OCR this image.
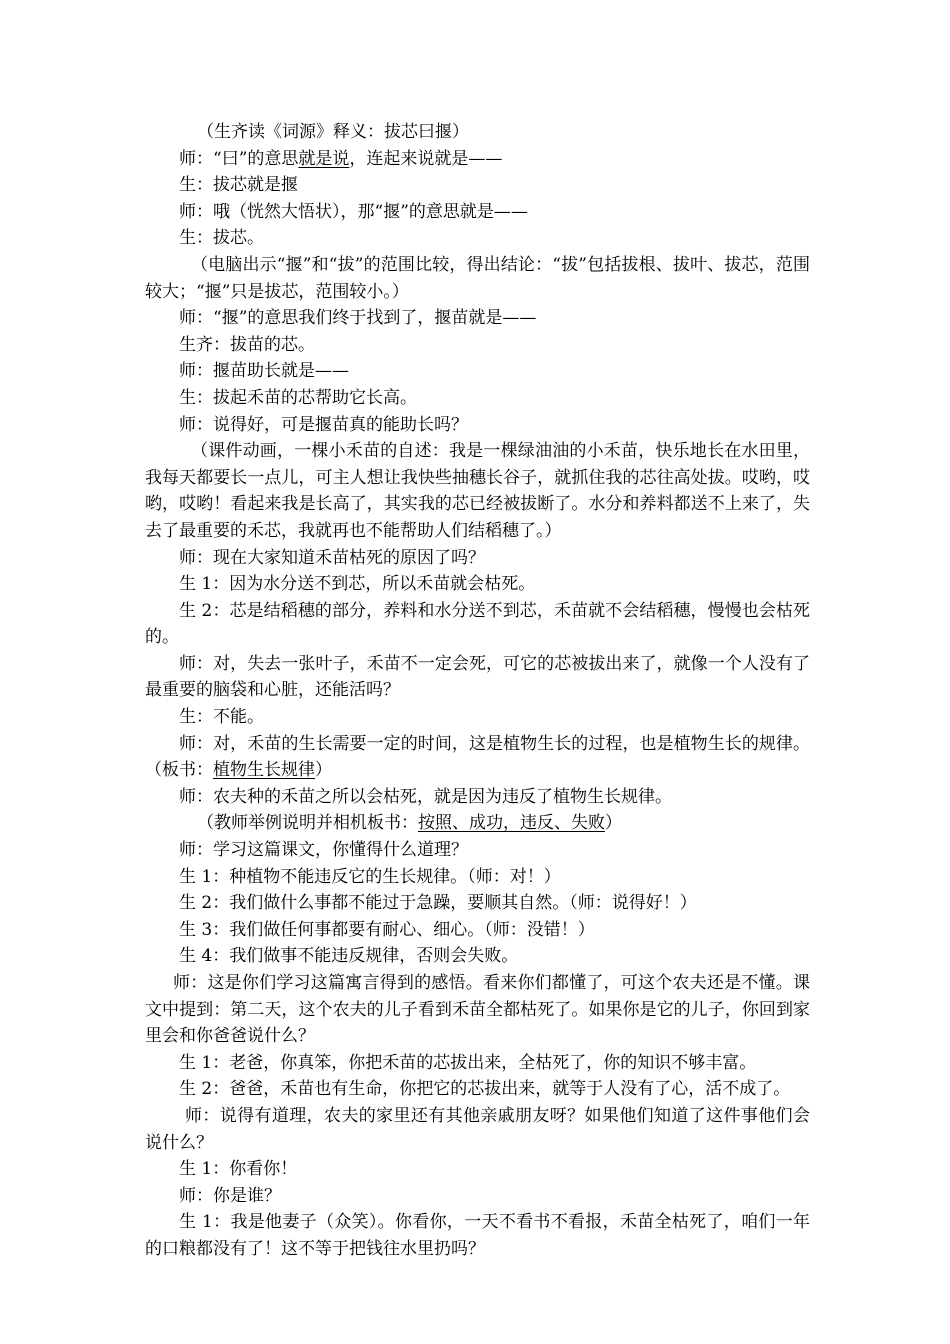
（生齐读《词源》释义：拔芯曰揠）

师：“曰”的意思就是说，连起来说就是——

生：拔芯就是揠

师：哦（恍然大悟状），那“揠”的意思就是——

生：拔芯。

（电脑出示“揠”和“拔”的范围比较，得出结论：“拔”包括拔根、拔叶、拔芯，范围较大；“揠”只是拔芯，范围较小。）

师：“揠”的意思我们终于找到了，揠苗就是——

生齐：拔苗的芯。

师：揠苗助长就是——

生：拔起禾苗的芯帮助它长高。

师：说得好，可是揠苗真的能助长吗？

（课件动画，一棵小禾苗的自述：我是一棵绿油油的小禾苗，快乐地长在水田里，我每天都要长一点儿，可主人想让我快些抽穗长谷子，就抓住我的芯往高处拔。哎哟，哎哟，哎哟！看起来我是长高了，其实我的芯已经被拔断了。水分和养料都送不上来了，失去了最重要的禾芯，我就再也不能帮助人们结稻穗了。）

师：现在大家知道禾苗枯死的原因了吗？

生 1：因为水分送不到芯，所以禾苗就会枯死。

生 2：芯是结稻穗的部分，养料和水分送不到芯，禾苗就不会结稻穗，慢慢也会枯死的。

师：对，失去一张叶子，禾苗不一定会死，可它的芯被拔出来了，就像一个人没有了最重要的脑袋和心脏，还能活吗？

生：不能。

师：对，禾苗的生长需要一定的时间，这是植物生长的过程，也是植物生长的规律。（板书：植物生长规律）

师：农夫种的禾苗之所以会枯死，就是因为违反了植物生长规律。

（教师举例说明并相机板书：按照、成功，违反、失败）

师：学习这篇课文，你懂得什么道理？

生 1：种植物不能违反它的生长规律。（师：对！）

生 2：我们做什么事都不能过于急躁，要顺其自然。（师：说得好！）

生 3：我们做任何事都要有耐心、细心。（师：没错！）

生 4：我们做事不能违反规律，否则会失败。

师：这是你们学习这篇寓言得到的感悟。看来你们都懂了，可这个农夫还是不懂。课文中提到：第二天，这个农夫的儿子看到禾苗全都枯死了。如果你是它的儿子，你回到家里会和你爸爸说什么？

生 1：老爸，你真笨，你把禾苗的芯拔出来，全枯死了，你的知识不够丰富。

生 2：爸爸，禾苗也有生命，你把它的芯拔出来，就等于人没有了心，活不成了。

师：说得有道理，农夫的家里还有其他亲戚朋友呀？如果他们知道了这件事他们会说什么？

生 1：你看你！

师：你是谁？

生 1：我是他妻子（众笑）。你看你，一天不看书不看报，禾苗全枯死了，咱们一年的口粮都没有了！这不等于把钱往水里扔吗？
